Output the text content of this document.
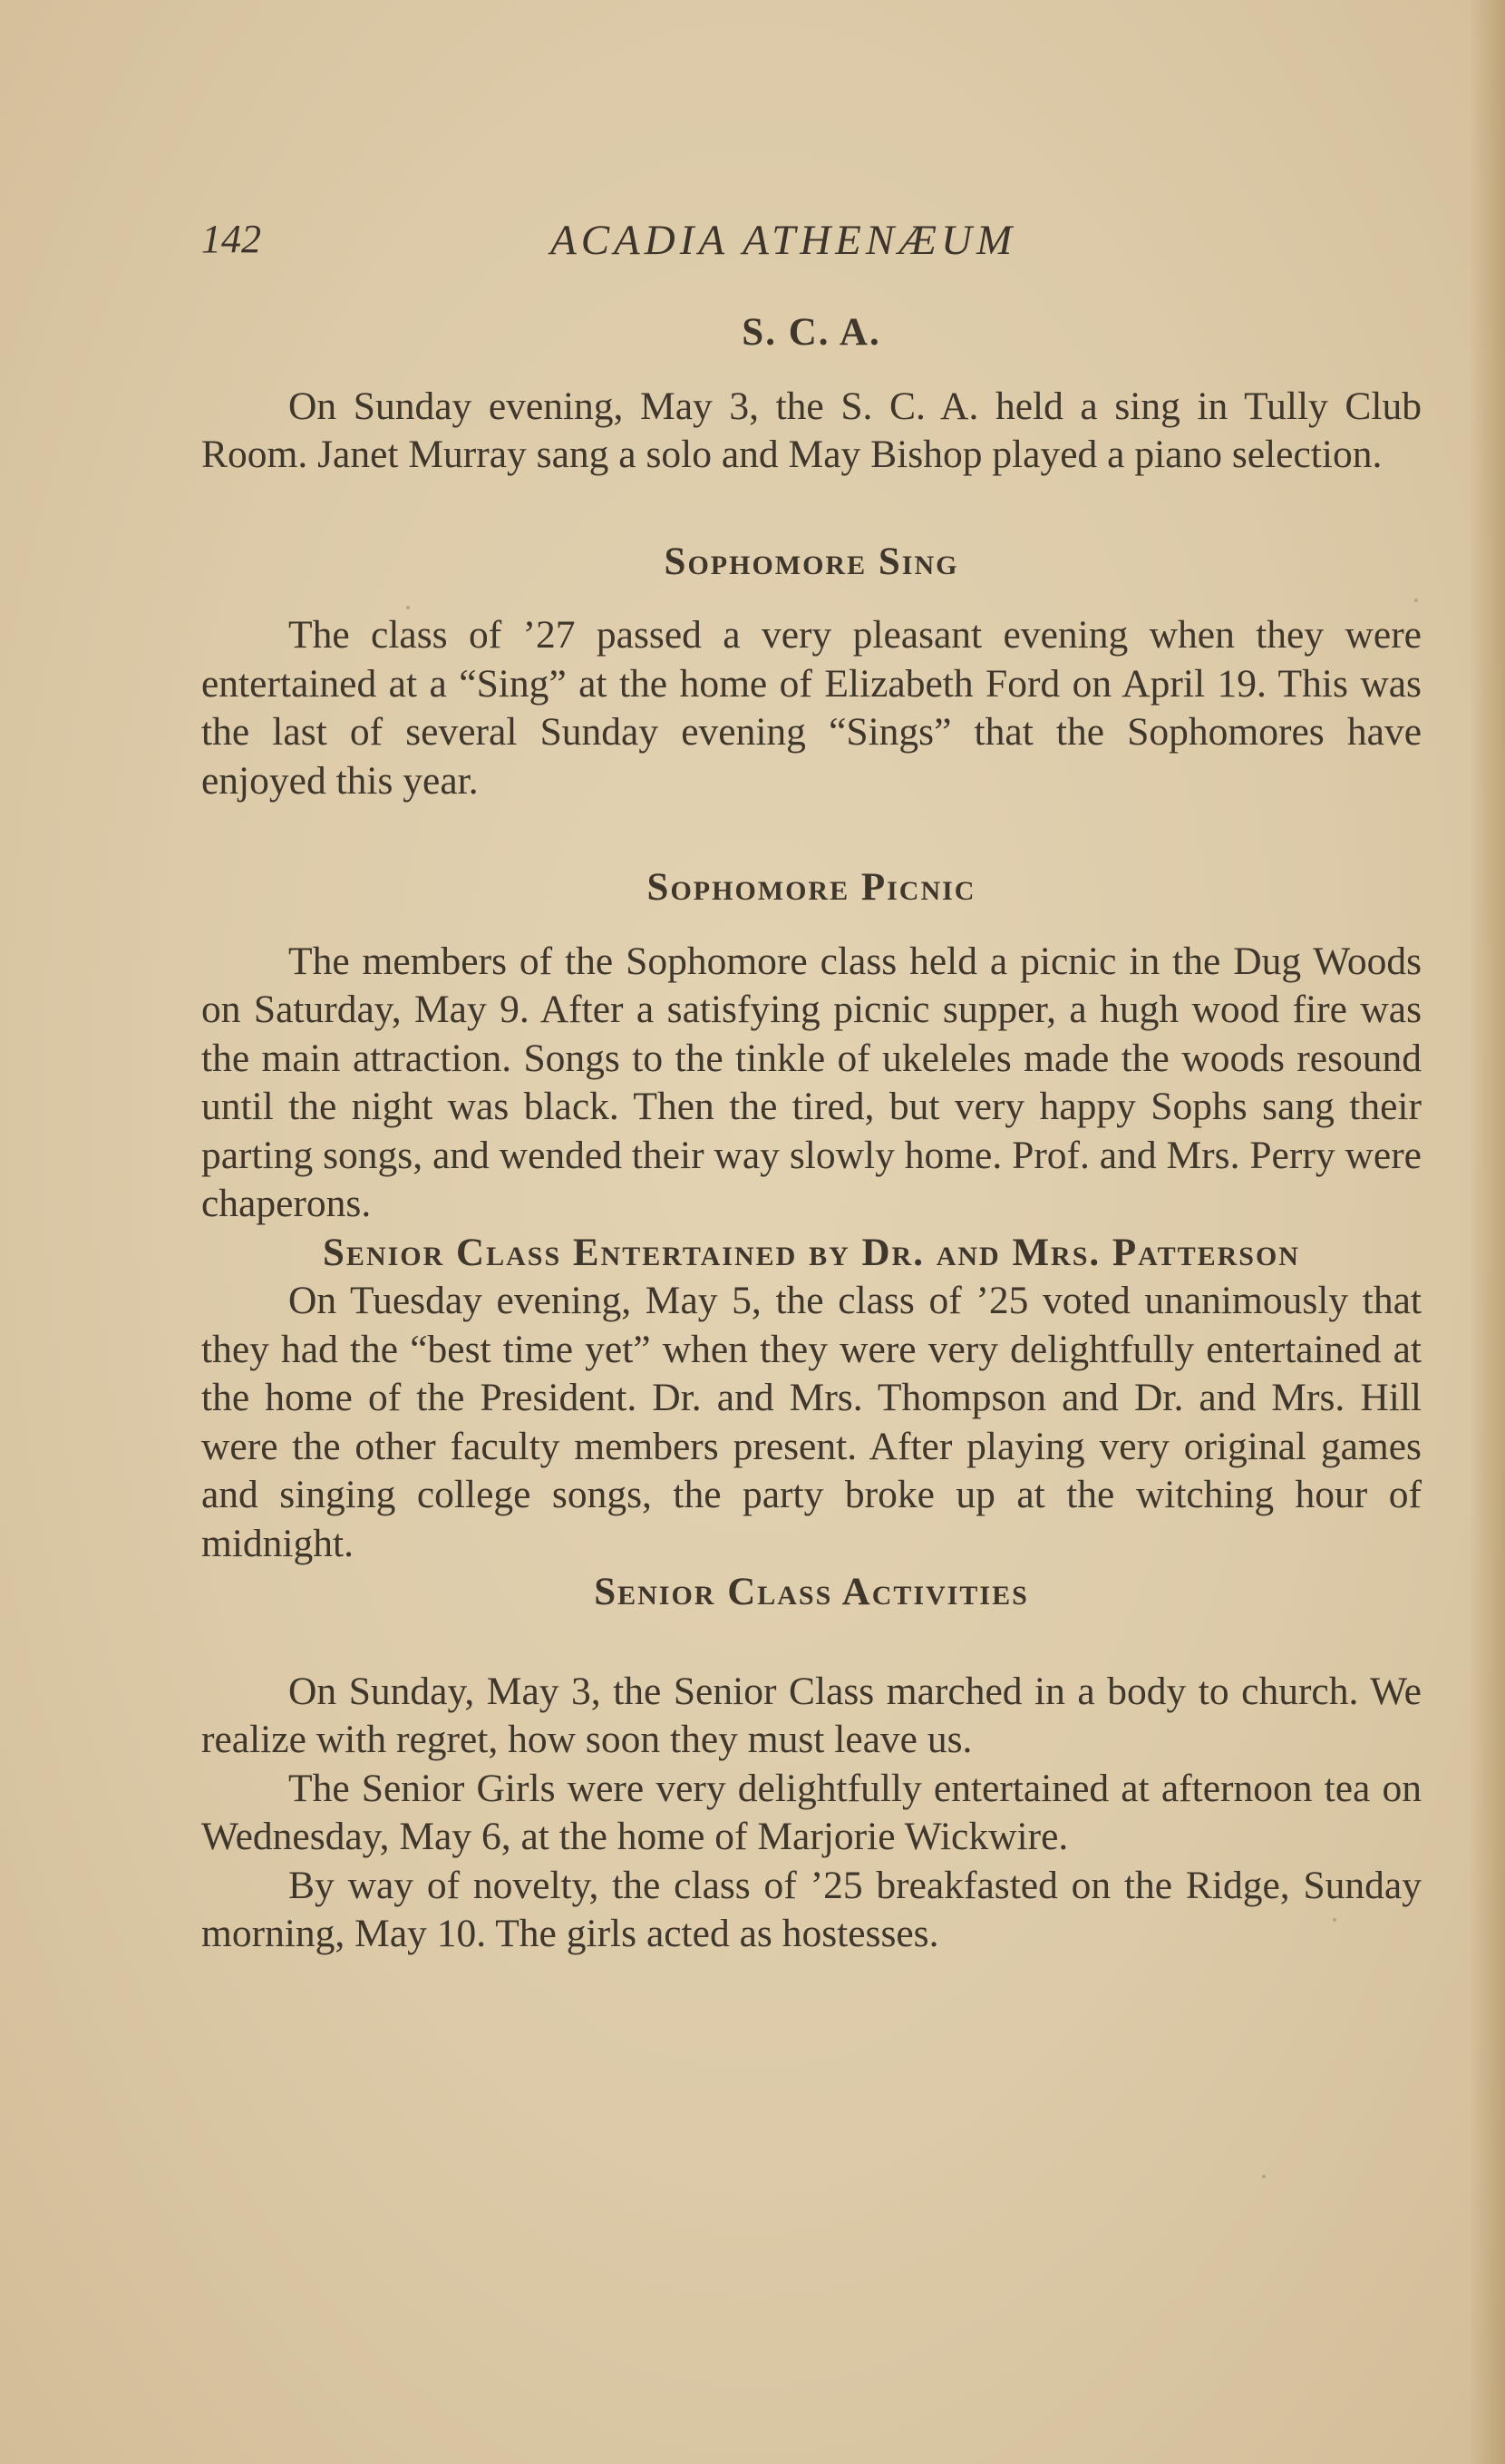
142	ACADIA ATHENÆUM
S. C. A.

On Sunday evening, May 3, the S. C. A. held a sing in Tully Club Room. Janet Murray sang a solo and May Bishop played a piano selection.

Sophomore Sing

The class of ’27 passed a very pleasant evening when they were entertained at a “Sing” at the home of Elizabeth Ford on April 19. This was the last of several Sunday evening “Sings” that the Sophomores have enjoyed this year.

Sophomore Picnic

The members of the Sophomore class held a picnic in the Dug Woods on Saturday, May 9. After a satisfying picnic supper, a hugh wood fire was the main attraction. Songs to the tinkle of ukeleles made the woods resound until the night was black. Then the tired, but very happy Sophs sang their parting songs, and wended their way slowly home. Prof. and Mrs. Perry were chaperons.

Senior Class Entertained by Dr. and Mrs. Patterson

On Tuesday evening, May 5, the class of ’25 voted unanimously that they had the “best time yet” when they were very delightfully entertained at the home of the President. Dr. and Mrs. Thompson and Dr. and Mrs. Hill were the other faculty members present. After playing very original games and singing college songs, the party broke up at the witching hour of midnight.

Senior Class Activities

On Sunday, May 3, the Senior Class marched in a body to church. We realize with regret, how soon they must leave us.

The Senior Girls were very delightfully entertained at afternoon tea on Wednesday, May 6, at the home of Marjorie Wickwire.

By way of novelty, the class of ’25 breakfasted on the Ridge, Sunday morning, May 10. The girls acted as hostesses.
